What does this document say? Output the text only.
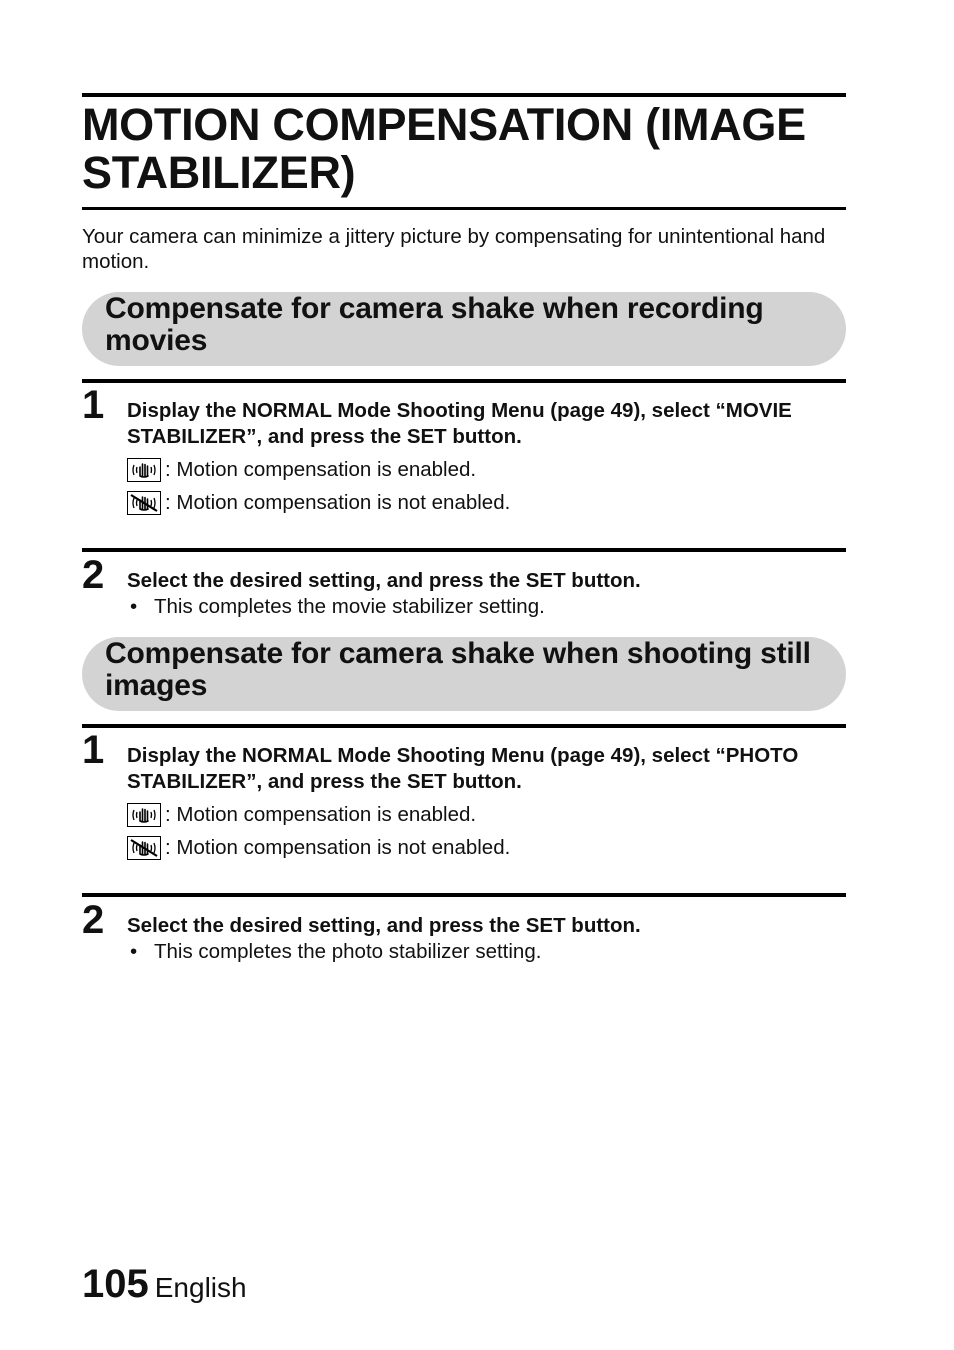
MOTION COMPENSATION (IMAGE STABILIZER)

Your camera can minimize a jittery picture by compensating for unintentional hand motion.

Compensate for camera shake when recording movies
1 Display the NORMAL Mode Shooting Menu (page 49), select “MOVIE STABILIZER”, and press the SET button.

: Motion compensation is enabled.
: Motion compensation is not enabled.
2 Select the desired setting, and press the SET button.

• This completes the movie stabilizer setting.

Compensate for camera shake when shooting still images
1 Display the NORMAL Mode Shooting Menu (page 49), select “PHOTO STABILIZER”, and press the SET button.

: Motion compensation is enabled.
: Motion compensation is not enabled.
2 Select the desired setting, and press the SET button.

• This completes the photo stabilizer setting.

105 English
